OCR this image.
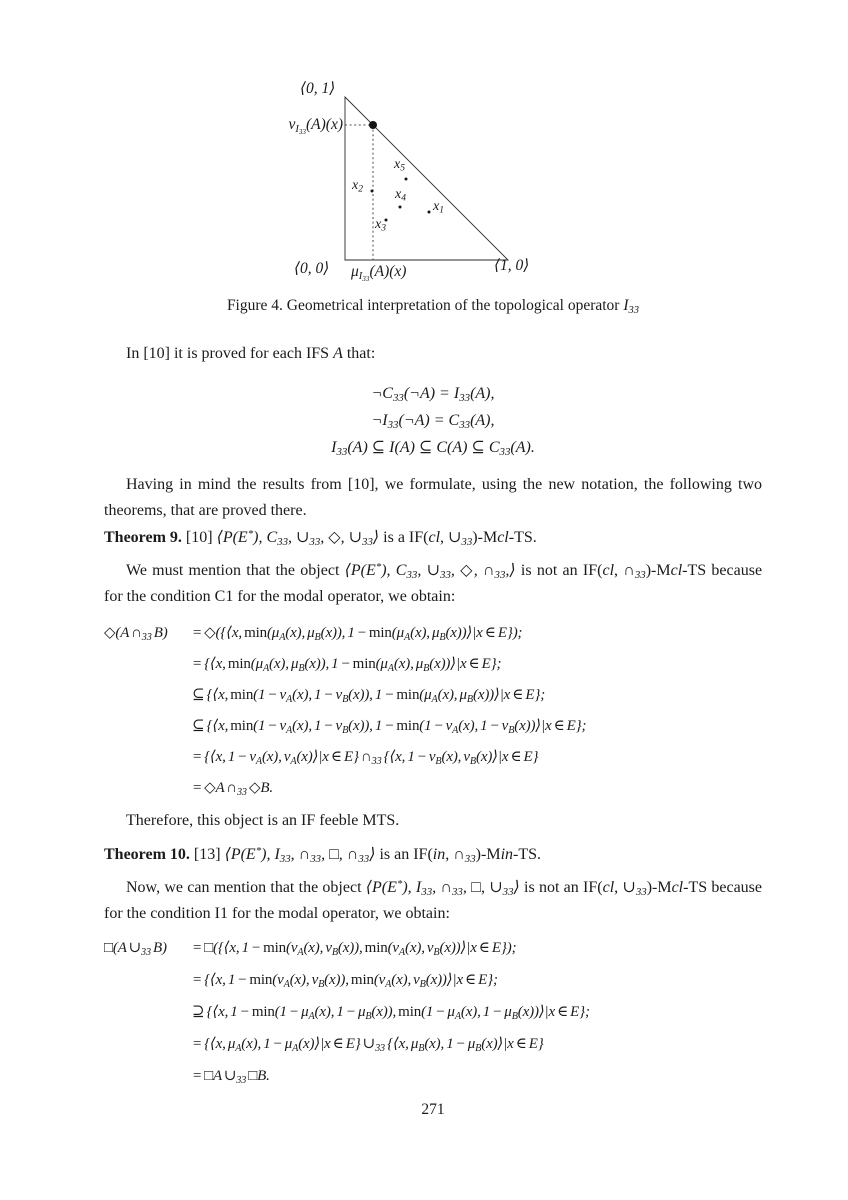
⟨0, 1⟩
$\nu_{I_{33}}(A)(x)$
⟨0, 0⟩ $\mu_{I_{33}}(A)(x)$	⟨1, 0⟩
$x_1$
$x_2$
$x_3$
$x_4$
$x_5$
Figure 4. Geometrical interpretation of the topological operator $I_{33}$

In [10] it is proved for each IFS A that:

$\neg C_{33}(\neg A) = I_{33}(A)$,
$\neg I_{33}(\neg A) = C_{33}(A)$,
$I_{33}(A)$ ⊆ I(A) ⊆ C(A) ⊆ $C_{33}(A)$.

Having in mind the results from [10], we formulate, using the new notation, the following two theorems, that are proved there.

Theorem 9. [10] ⟨P(E*), $C_{33}$, $\cup_{33}$, ◇, $\cup_{33}⟩$ is a IF(cl, $\cup_{33})-Mcl-TS$.

We must mention that the object ⟨P(E*), $C_{33}$, $\cup_{33}$, ◇, $\cap_{33},⟩$ is not an IF(cl, $\cap_{33})-Mcl-TS$ because for the condition C1 for the modal operator, we obtain:

◇(A $\cap_{33}$ B)	= ◇({⟨x, $\min(\mu_A(x)$, $\mu_B(x)$), $1 - \min(\mu_A(x)$, $\mu_B(x))⟩|x$ ∈ E});
= {⟨x, $\min(\mu_A(x)$, $\mu_B(x)$), $1 - \min(\mu_A(x)$, $\mu_B(x))⟩|x$ ∈ E};
⊆ {⟨x, $\min(1 - \nu_A(x)$, $1 - \nu_B(x)$), $1 - \min(\mu_A(x)$, $\mu_B(x))⟩|x$ ∈ E};
⊆ {⟨x, $\min(1 - \nu_A(x)$, $1 - \nu_B(x)$), $1 - \min(1 - \nu_A(x)$, $1 - \nu_B(x))⟩|x$ ∈ E};
= {⟨x, $1 - \nu_A(x)$, $\nu_A(x)⟩|x$ ∈ E} $\cap_{33}$ {⟨x, $1 - \nu_B(x)$, $\nu_B(x)⟩|x$ ∈ E}
= ◇A $\cap_{33}$ ◇B.

Therefore, this object is an IF feeble MTS.

Theorem 10. [13] ⟨P(E*), $I_{33}$, $\cap_{33}$, □, $\cap_{33}⟩$ is an IF(in, $\cap_{33})-Min-TS$.

Now, we can mention that the object ⟨P(E*), $I_{33}$, $\cap_{33}$, □, $\cup_{33}⟩$ is not an IF(cl, $\cup_{33})-Mcl-TS$ because for the condition I1 for the modal operator, we obtain:

□(A $\cup_{33}$ B)	= □({⟨x, $1 - \min(\nu_A(x)$, $\nu_B(x)$), $\min(\nu_A(x)$, $\nu_B(x))⟩|x$ ∈ E});
= {⟨x, $1 - \min(\nu_A(x)$, $\nu_B(x)$), $\min(\nu_A(x)$, $\nu_B(x))⟩|x$ ∈ E};
⊇ {⟨x, $1 - \min(1 - \mu_A(x)$, $1 - \mu_B(x)$), $\min(1 - \mu_A(x)$, $1 - \mu_B(x))⟩|x$ ∈ E};
= {⟨x, $\mu_A(x)$, $1 - \mu_A(x)⟩|x$ ∈ E} $\cup_{33}$ {⟨x, $\mu_B(x)$, $1 - \mu_B(x)⟩|x$ ∈ E}
= □A $\cup_{33}$ □B.
271
